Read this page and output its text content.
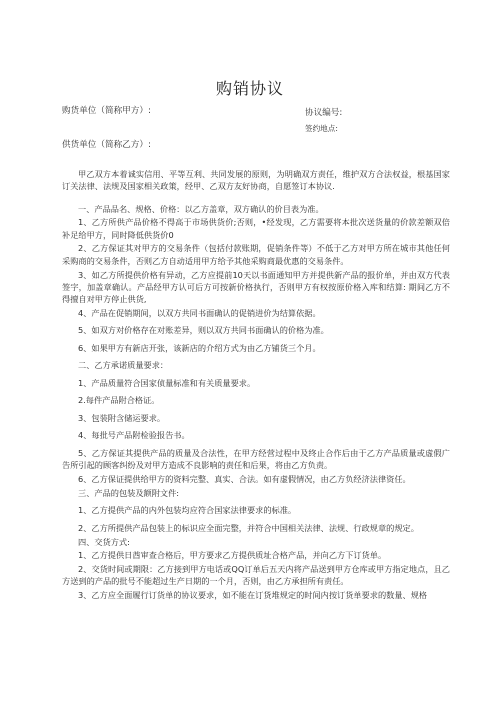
购销协议
购货单位（简称甲方）:	协议编号:
签约地点:
供货单位（简称乙方）:

甲乙双方本着诚实信用、平等互利、共同发展的原则，为明确双方责任，维护双方合法权益，根基国家订关法律、法规及国家相关政策，经甲、乙双方友好协商，自愿签订本协议.

一、产品品名、规格、价格：以乙方盖章，双方确认的价目表为准。

1、乙方所供产品价格不得高于市场供货价;否则，•经发现，乙方需要将本批次送货量的价款差额双倍补足给甲方，同时降低供货价0

2、乙方保证其对甲方的交易条件（包括付款账期，促销条件等）不低于乙方对甲方所在城市其他任何采购商的交易条件，否则乙方自动适用甲方给予其他采购商最优惠的交易条件。

3、如乙方所提供价格有异动，乙方应提前10天以书面通知甲方并提供新产品的报价单，并由双方代表签字，加盖章确认。产品经甲方认可后方可按新价格执行，否则甲方有权按原价格入库和结算: 期间乙方不得擅自对甲方停止供货,

4、产品在促销期间，以双方共同书面确认的促销进价为结算依据。

5、如双方对价格存在对账差异，则以双方共同书面确认的价格为准。

6、如果甲方有新店开张，该新店的介绍方式为由乙方铺货三个月。

二、乙方承诺质量要求：

1、产品质量符合国家侦量标准和有关质量要求。

2.每件产品附合格证。

3、包装附含储运要求。

4、每批号产品附检验报告书。

5、乙方保证其提供产品的质量及合法性，在甲方经营过程中及终止合作后由于乙方产品质量或虚假广告所引起的顾客纠纷及对甲方造成不良影响的责任和后果，将由乙方负责。

6、乙方保证提供给甲方的资料完整、真实、合法。如有虚假情况，由乙方负经济法律资任。

三、产品的包装及额附文件:

1、乙方提供产品的内外包装均应符合国家法律要求的标准。

2、乙方所提供产品包装上的标识应全面完整，并符合中国相关法律、法规、行政规章的规定。

四、交货方式:

1、乙方提供日酋审查合格后，甲方要求乙方提供质址合格产品，并向乙方下订货单。

2、交货时间或期限：乙方接到甲方电话或QQ订单后五天内将产品送到甲方仓库或甲方指定地点，且乙方送到的产品的批号不能超过生产日期的一个月，否则，由乙方承担所有责任。

3、乙方应全面履行订货单的协议要求，如不能在订货堆规定的时间内按订货单要求的数量、规格
